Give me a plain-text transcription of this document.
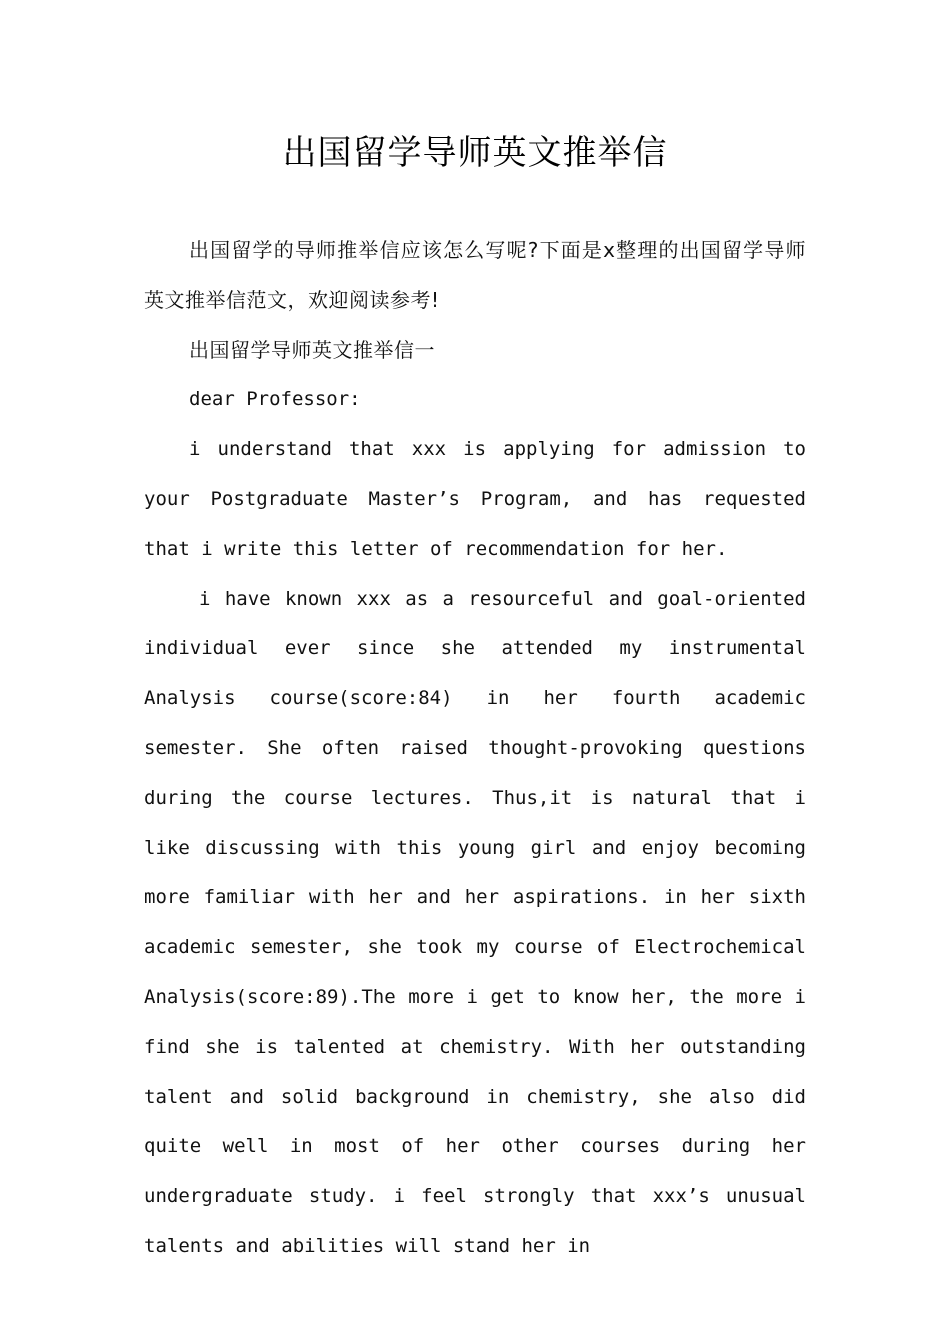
出国留学导师英文推举信

出国留学的导师推举信应该怎么写呢?下面是x整理的出国留学导师英文推举信范文，欢迎阅读参考!

出国留学导师英文推举信一

dear Professor:

i understand that xxx is applying for admission to your Postgraduate Master’s Program, and has requested that i write this letter of recommendation for her.

i have known xxx as a resourceful and goal-oriented individual ever since she attended my instrumental Analysis course(score:84) in her fourth academic semester. She often raised thought-provoking questions during the course lectures. Thus,it is natural that i like discussing with this young girl and enjoy becoming more familiar with her and her aspirations. in her sixth academic semester, she took my course of Electrochemical Analysis(score:89).The more i get to know her, the more i find she is talented at chemistry. With her outstanding talent and solid background in chemistry, she also did quite well in most of her other courses during her undergraduate study. i feel strongly that xxx’s unusual talents and abilities will stand her in
